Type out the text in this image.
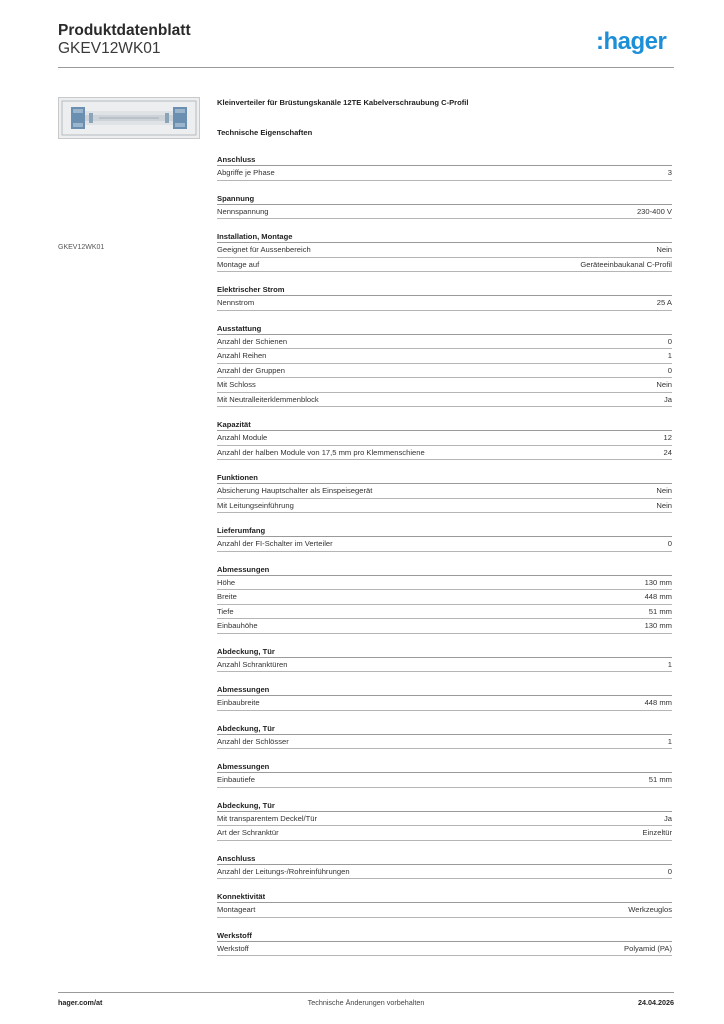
Produktdatenblatt
GKEV12WK01	:hager
GKEV12WK01
Kleinverteiler für Brüstungskanäle 12TE Kabelverschraubung C-Profil
Technische Eigenschaften
Anschluss
Abgriffe je Phase	3
Spannung
Nennspannung	230-400 V
Installation, Montage
Geeignet für Aussenbereich	Nein
Montage auf	Geräteeinbaukanal C-Profil
Elektrischer Strom
Nennstrom	25 A
Ausstattung
Anzahl der Schienen	0
Anzahl Reihen	1
Anzahl der Gruppen	0
Mit Schloss	Nein
Mit Neutralleiterklemmenblock	Ja
Kapazität
Anzahl Module	12
Anzahl der halben Module von 17,5 mm pro Klemmenschiene	24
Funktionen
Absicherung Hauptschalter als Einspeisegerät	Nein
Mit Leitungseinführung	Nein
Lieferumfang
Anzahl der FI-Schalter im Verteiler	0
Abmessungen
Höhe	130 mm
Breite	448 mm
Tiefe	51 mm
Einbauhöhe	130 mm
Abdeckung, Tür
Anzahl Schranktüren	1
Abmessungen
Einbaubreite	448 mm
Abdeckung, Tür
Anzahl der Schlösser	1
Abmessungen
Einbautiefe	51 mm
Abdeckung, Tür
Mit transparentem Deckel/Tür	Ja
Art der Schranktür	Einzeltür
Anschluss
Anzahl der Leitungs-/Rohreinführungen	0
Konnektivität
Montageart	Werkzeuglos
Werkstoff
Werkstoff	Polyamid (PA)
hager.com/at	Technische Änderungen vorbehalten	24.04.2026
